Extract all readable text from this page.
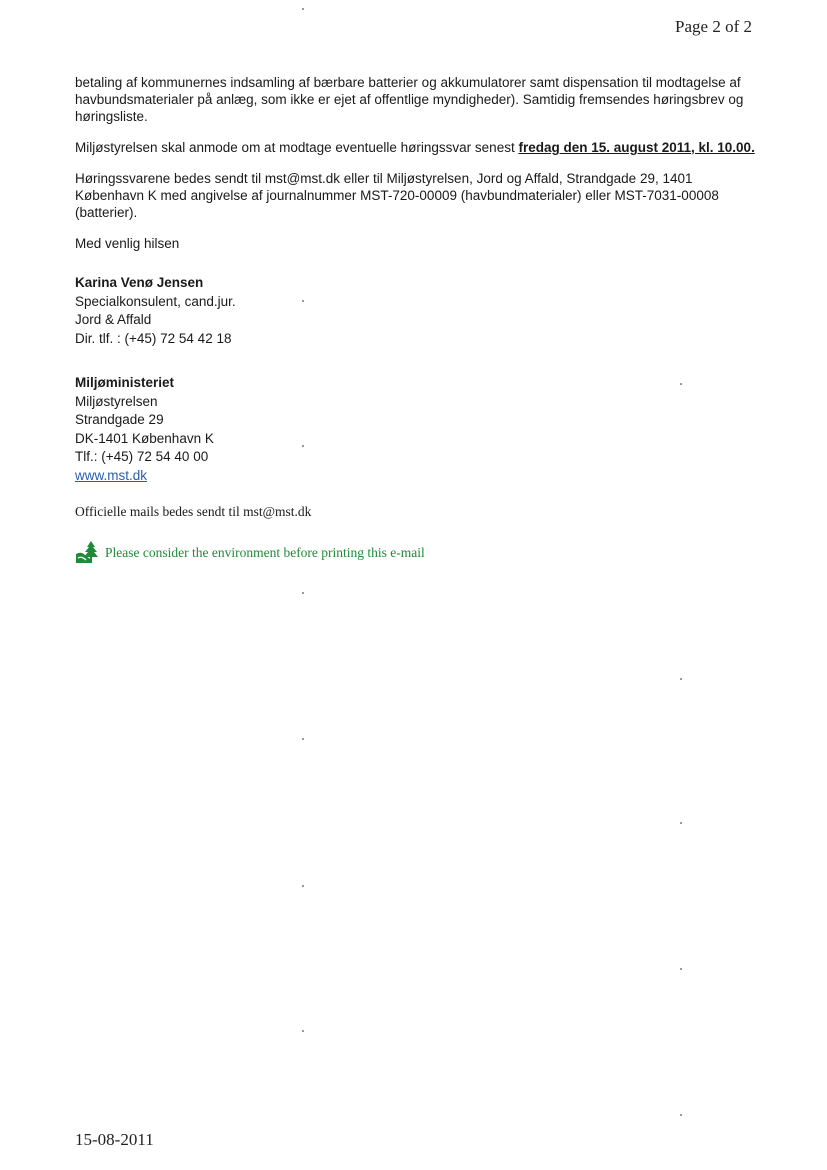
Page 2 of 2

betaling af kommunernes indsamling af bærbare batterier og akkumulatorer samt dispensation til modtagelse af havbundsmaterialer på anlæg, som ikke er ejet af offentlige myndigheder). Samtidig fremsendes høringsbrev og høringsliste.

Miljøstyrelsen skal anmode om at modtage eventuelle høringssvar senest fredag den 15. august 2011, kl. 10.00.

Høringssvarene bedes sendt til mst@mst.dk eller til Miljøstyrelsen, Jord og Affald, Strandgade 29, 1401 København K med angivelse af journalnummer MST-720-00009 (havbundmaterialer) eller MST-7031-00008 (batterier).

Med venlig hilsen

Karina Venø Jensen
Specialkonsulent, cand.jur.
Jord & Affald
Dir. tlf. : (+45) 72 54 42 18
Miljøministeriet
Miljøstyrelsen
Strandgade 29
DK-1401 København K
Tlf.: (+45) 72 54 40 00
www.mst.dk

Officielle mails bedes sendt til mst@mst.dk

Please consider the environment before printing this e-mail
15-08-2011
